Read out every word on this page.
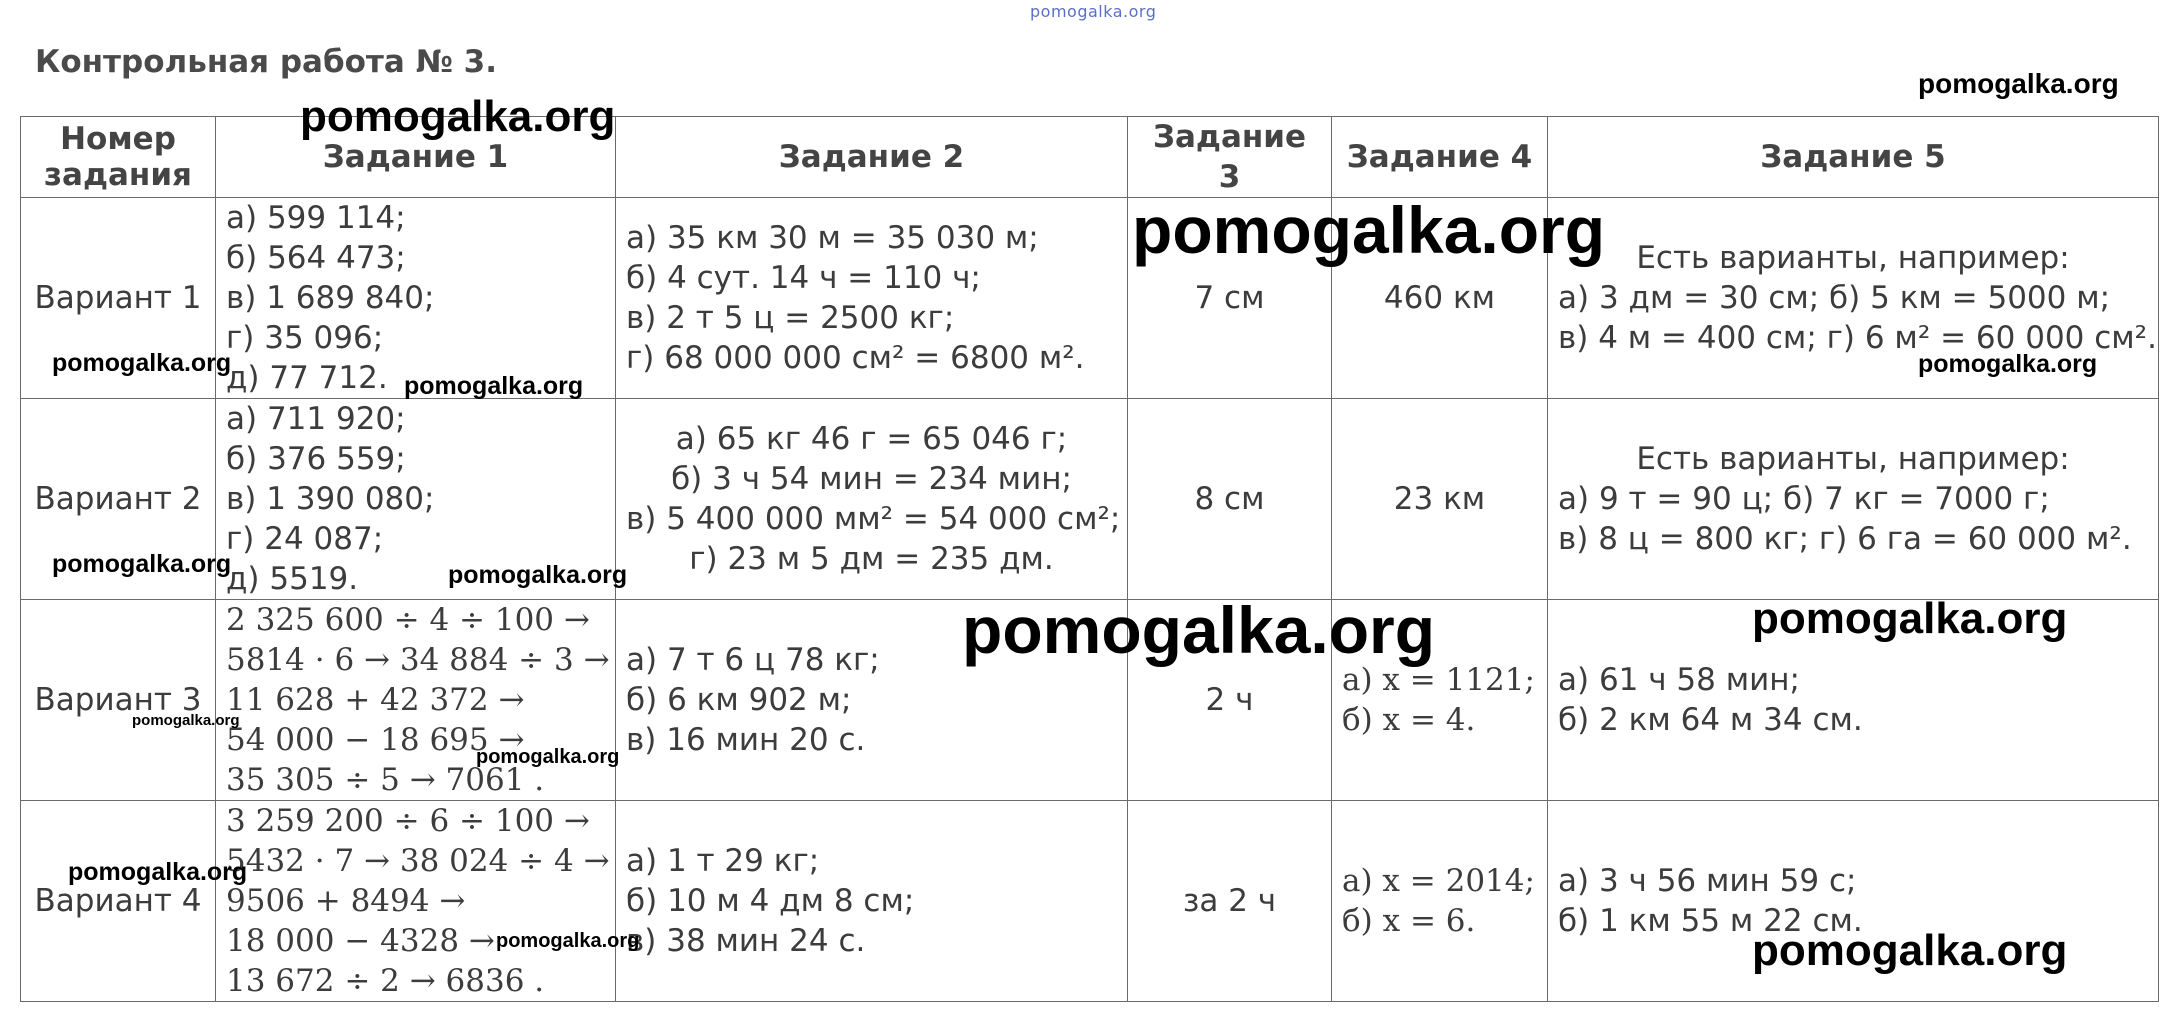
pomogalka.org
Контрольная работа № 3.
Номер задания	Задание 1	Задание 2	Задание 3	Задание 4	Задание 5
Вариант 1	а) 599 114;
б) 564 473;
в) 1 689 840;
г) 35 096;
д) 77 712.	а) 35 км 30 м = 35 030 м;
б) 4 сут. 14 ч = 110 ч;
в) 2 т 5 ц = 2500 кг;
г) 68 000 000 см² = 6800 м².	7 см	460 км	Есть варианты, например:
а) 3 дм = 30 см; б) 5 км = 5000 м;
в) 4 м = 400 см; г) 6 м² = 60 000 см².

Вариант 2	а) 711 920;
б) 376 559;
в) 1 390 080;
г) 24 087;
д) 5519.	а) 65 кг 46 г = 65 046 г;
б) 3 ч 54 мин = 234 мин;
в) 5 400 000 мм² = 54 000 см²;
г) 23 м 5 дм = 235 дм.	8 см	23 км	Есть варианты, например:
а) 9 т = 90 ц; б) 7 кг = 7000 г;
в) 8 ц = 800 кг; г) 6 га = 60 000 м².

Вариант 3	2 325 600 ÷ 4 ÷ 100 →
5814 · 6 → 34 884 ÷ 3 →
11 628 + 42 372 →
54 000 − 18 695 →
35 305 ÷ 5 → 7061 .	а) 7 т 6 ц 78 кг;
б) 6 км 902 м;
в) 16 мин 20 с.	2 ч	а) x = 1121;
б) x = 4.	а) 61 ч 58 мин;
б) 2 км 64 м 34 см.

Вариант 4	3 259 200 ÷ 6 ÷ 100 →
5432 · 7 → 38 024 ÷ 4 →
9506 + 8494 →
18 000 − 4328 →
13 672 ÷ 2 → 6836 .	а) 1 т 29 кг;
б) 10 м 4 дм 8 см;
в) 38 мин 24 с.	за 2 ч	а) x = 2014;
б) x = 6.	а) 3 ч 56 мин 59 с;
б) 1 км 55 м 22 см.
pomogalka.org
pomogalka.org
pomogalka.org
pomogalka.org
pomogalka.org
pomogalka.org
pomogalka.org	pomogalka.org
pomogalka.org	pomogalka.org
pomogalka.org
pomogalka.org
pomogalka.org
pomogalka.org	pomogalka.org
